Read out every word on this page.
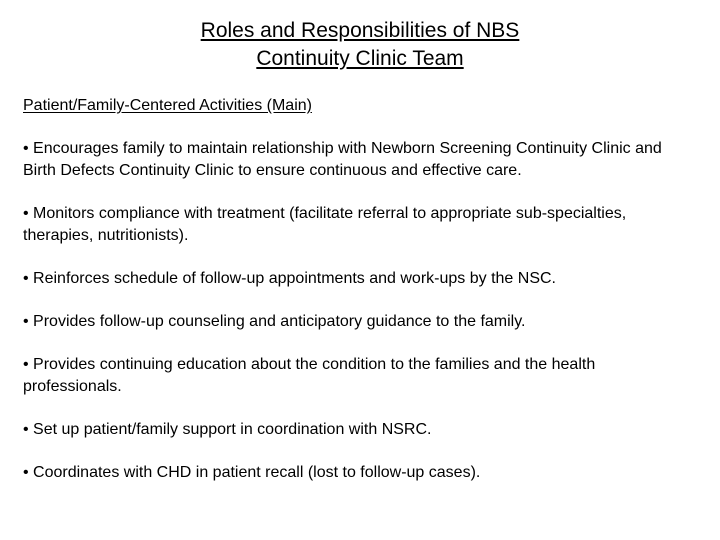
Roles and Responsibilities of NBS
Continuity Clinic Team
Patient/Family-Centered Activities (Main)
• Encourages family to maintain relationship with Newborn Screening Continuity Clinic and Birth Defects Continuity Clinic to ensure continuous and effective care.
• Monitors compliance with treatment (facilitate referral to appropriate sub-specialties, therapies, nutritionists).
• Reinforces schedule of follow-up appointments and work-ups by the NSC.
• Provides follow-up counseling and anticipatory guidance to the family.
• Provides continuing education about the condition to the families and the health professionals.
• Set up patient/family support in coordination with NSRC.
• Coordinates with CHD in patient recall (lost to follow-up cases).
